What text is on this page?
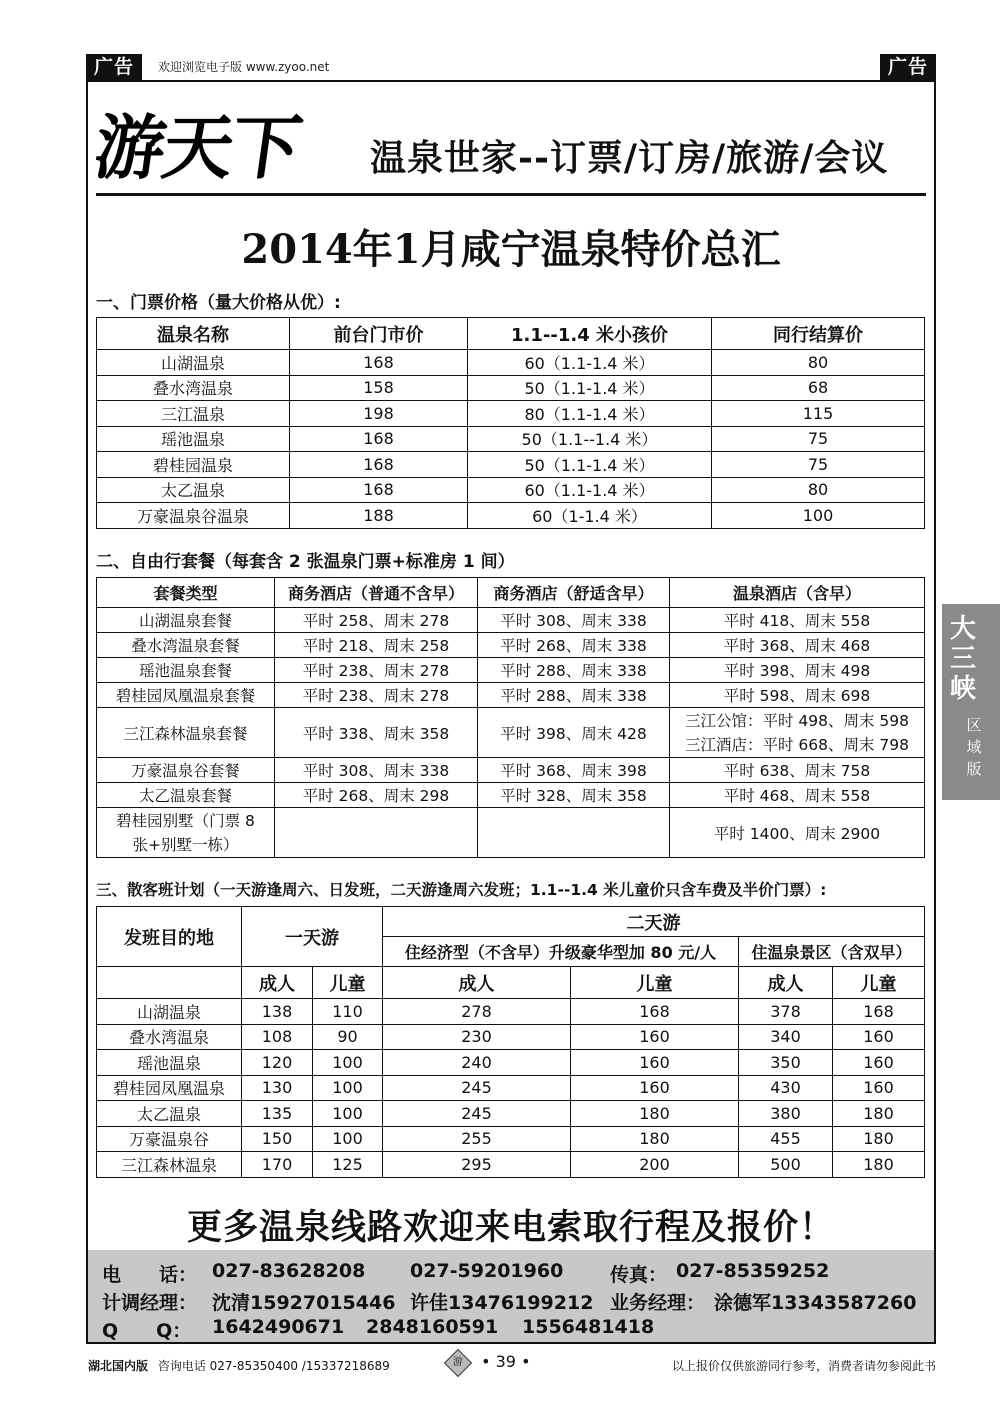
广告	欢迎浏览电子版 www.zyoo.net	广告
游天下 温泉世家--订票/订房/旅游/会议
2014年1月咸宁温泉特价总汇
一、门票价格（量大价格从优）:
温泉名称	前台门市价	1.1--1.4 米小孩价	同行结算价
山湖温泉	168	60（1.1-1.4 米）	80
叠水湾温泉	158	50（1.1-1.4 米）	68
三江温泉	198	80（1.1-1.4 米）	115
瑶池温泉	168	50（1.1--1.4 米）	75
碧桂园温泉	168	50（1.1-1.4 米）	75
太乙温泉	168	60（1.1-1.4 米）	80
万豪温泉谷温泉	188	60（1-1.4 米）	100
二、自由行套餐（每套含 2 张温泉门票+标准房 1 间）
套餐类型	商务酒店（普通不含早）	商务酒店（舒适含早）	温泉酒店（含早）
山湖温泉套餐	平时 258、周末 278	平时 308、周末 338	平时 418、周末 558
叠水湾温泉套餐	平时 218、周末 258	平时 268、周末 338	平时 368、周末 468
瑶池温泉套餐	平时 238、周末 278	平时 288、周末 338	平时 398、周末 498
碧桂园凤凰温泉套餐	平时 238、周末 278	平时 288、周末 338	平时 598、周末 698
三江森林温泉套餐	平时 338、周末 358	平时 398、周末 428	三江公馆：平时 498、周末 598
三江酒店：平时 668、周末 798

万豪温泉谷套餐	平时 308、周末 338	平时 368、周末 398	平时 638、周末 758
太乙温泉套餐	平时 268、周末 298	平时 328、周末 358	平时 468、周末 558

碧桂园别墅（门票 8
张+别墅一栋）			平时 1400、周末 2900
三、散客班计划（一天游逢周六、日发班，二天游逢周六发班；1.1--1.4 米儿童价只含车费及半价门票）:
发班目的地	一天游		二天游			
			住经济型（不含早）升级豪华型加 80 元/人		住温泉景区（含双早）	
	成人	儿童	成人	儿童	成人	儿童
山湖温泉	138	110	278	168	378	168
叠水湾温泉	108	90	230	160	340	160
瑶池温泉	120	100	240	160	350	160
碧桂园凤凰温泉	130	100	245	160	430	160
太乙温泉	135	100	245	180	380	180
万豪温泉谷	150	100	255	180	455	180
三江森林温泉	170	125	295	200	500	180
更多温泉线路欢迎来电索取行程及报价！
电　　话： 027-83628208 027-59201960 传真： 027-85359252
计调经理： 沈清15927015446 许佳13476199212 业务经理： 涂德军13343587260
Q　　Q： 1642490671 2848160591 1556481418
大
三
峡
区
域
版
湖北国内版 咨询电话 027-85350400 /15337218689	游 • 39 •	以上报价仅供旅游同行参考，消费者请勿参阅此书
